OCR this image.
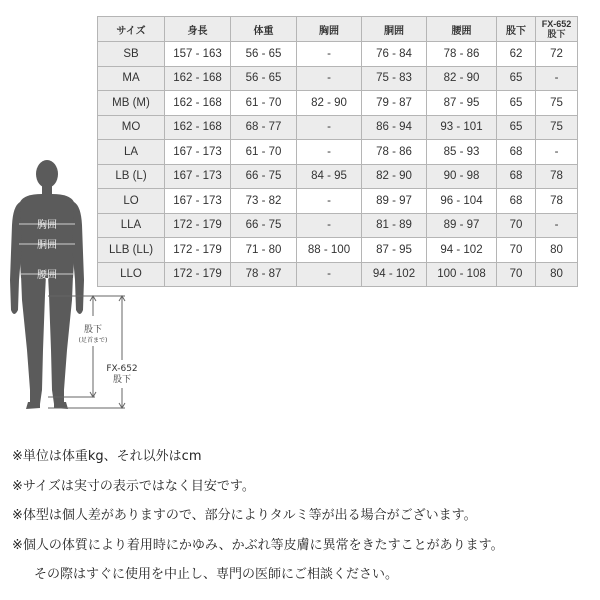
サイズ	身長	体重	胸囲	胴囲	腰囲	股下	FX-652
股下
SB	157 - 163	56 - 65	-	76 - 84	78 - 86	62	72
MA	162 - 168	56 - 65	-	75 - 83	82 - 90	65	-
MB (M)	162 - 168	61 - 70	82 - 90	79 - 87	87 - 95	65	75
MO	162 - 168	68 - 77	-	86 - 94	93 - 101	65	75
LA	167 - 173	61 - 70	-	78 - 86	85 - 93	68	-
LB (L)	167 - 173	66 - 75	84 - 95	82 - 90	90 - 98	68	78
LO	167 - 173	73 - 82	-	89 - 97	96 - 104	68	78
LLA	172 - 179	66 - 75	-	81 - 89	89 - 97	70	-
LLB (LL)	172 - 179	71 - 80	88 - 100	87 - 95	94 - 102	70	80
LLO	172 - 179	78 - 87	-	94 - 102	100 - 108	70	80
胸囲
胴囲
腰囲
股下
(足首まで)
FX-652
股下
※単位は体重kg、それ以外はcm
※サイズは実寸の表示ではなく目安です。
※体型は個人差がありますので、部分によりタルミ等が出る場合がございます。
※個人の体質により着用時にかゆみ、かぶれ等皮膚に異常をきたすことがあります。
その際はすぐに使用を中止し、専門の医師にご相談ください。
